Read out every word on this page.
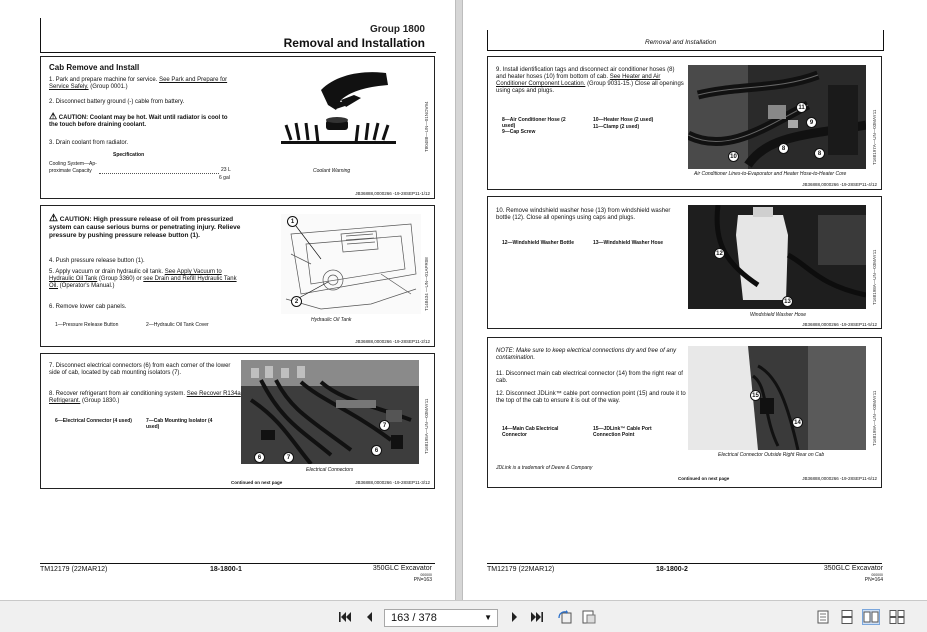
Group 1800
Removal and Installation
Cab Remove and Install
1. Park and prepare machine for service. See Park and Prepare for Service Safely. (Group 0001.)
2. Disconnect battery ground (-) cable from battery.
⚠ CAUTION: Coolant may be hot. Wait until radiator is cool to the touch before draining coolant.
3. Drain coolant from radiator.
Specification
Cooling System—Ap-
proximate Capacity	23 L
6 gal
Coolant Warning
T80488—UN—01NOV94
JB36888,0000266 -19-28SEP11-1/12
⚠ CAUTION: High pressure release of oil from pressurized system can cause serious burns or penetrating injury. Relieve pressure by pushing pressure release button (1).
4. Push pressure release button (1).
5. Apply vacuum or drain hydraulic oil tank. See Apply Vacuum to Hydraulic Oil Tank (Group 3360) or see Drain and Refill Hydraulic Tank Oil. (Operator's Manual.)
6. Remove lower cab panels.
1—Pressure Release Button	2—Hydraulic Oil Tank Cover
1
2
Hydraulic Oil Tank
T148434 —UN—01APR08
JB36888,0000266 -19-28SEP11-2/12
7. Disconnect electrical connectors (6) from each corner of the lower side of cab, located by cab mounting isolators (7).
8. Recover refrigerant from air conditioning system. See Recover R134a Refrigerant. (Group 1830.)
6—Electrical Connector (4 used)	7—Cab Mounting Isolator (4 used)
6	7
7
6
Electrical Connectors
T168195A—UN—03MAY11
Continued on next page	JB36888,0000266 -19-28SEP11-3/12
TM12179 (22MAR12)	18-1800-1	350GLC Excavator
000000
PN=163
Removal and Installation
9. Install identification tags and disconnect air conditioner hoses (8) and heater hoses (10) from bottom of cab. See Heater and Air Conditioner Component Location. (Group 9031-15.) Close all openings using caps and plugs.
8—Air Conditioner Hose (2 used)
9—Cap Screw
10—Heater Hose (2 used)
11—Clamp (2 used)
11
9
8
8
10
Air Conditioner Lines-to-Evaporator and Heater Hose-to-Heater Core
T168197A—UN—03MAY11
JB36888,0000266 -19-28SEP11-4/12
10. Remove windshield washer hose (13) from windshield washer bottle (12). Close all openings using caps and plugs.
12—Windshield Washer Bottle	13—Windshield Washer Hose
12
13
Windshield Washer Hose
T168198A—UN—03MAY11
JB36888,0000266 -19-28SEP11-5/12
NOTE: Make sure to keep electrical connections dry and free of any contamination.
11. Disconnect main cab electrical connector (14) from the right rear of cab.
12. Disconnect JDLink™ cable port connection point (15) and route it to the top of the cab to ensure it is out of the way.
14—Main Cab Electrical Connector
15—JDLink™ Cable Port Connection Point
JDLink is a trademark of Deere & Company
15
14
Electrical Connector Outside Right Rear on Cab
T168199A—UN—03MAY11
Continued on next page	JB36888,0000266 -19-28SEP11-6/12
TM12179 (22MAR12)	18-1800-2	350GLC Excavator
000000
PN=164
163 / 378	▼
